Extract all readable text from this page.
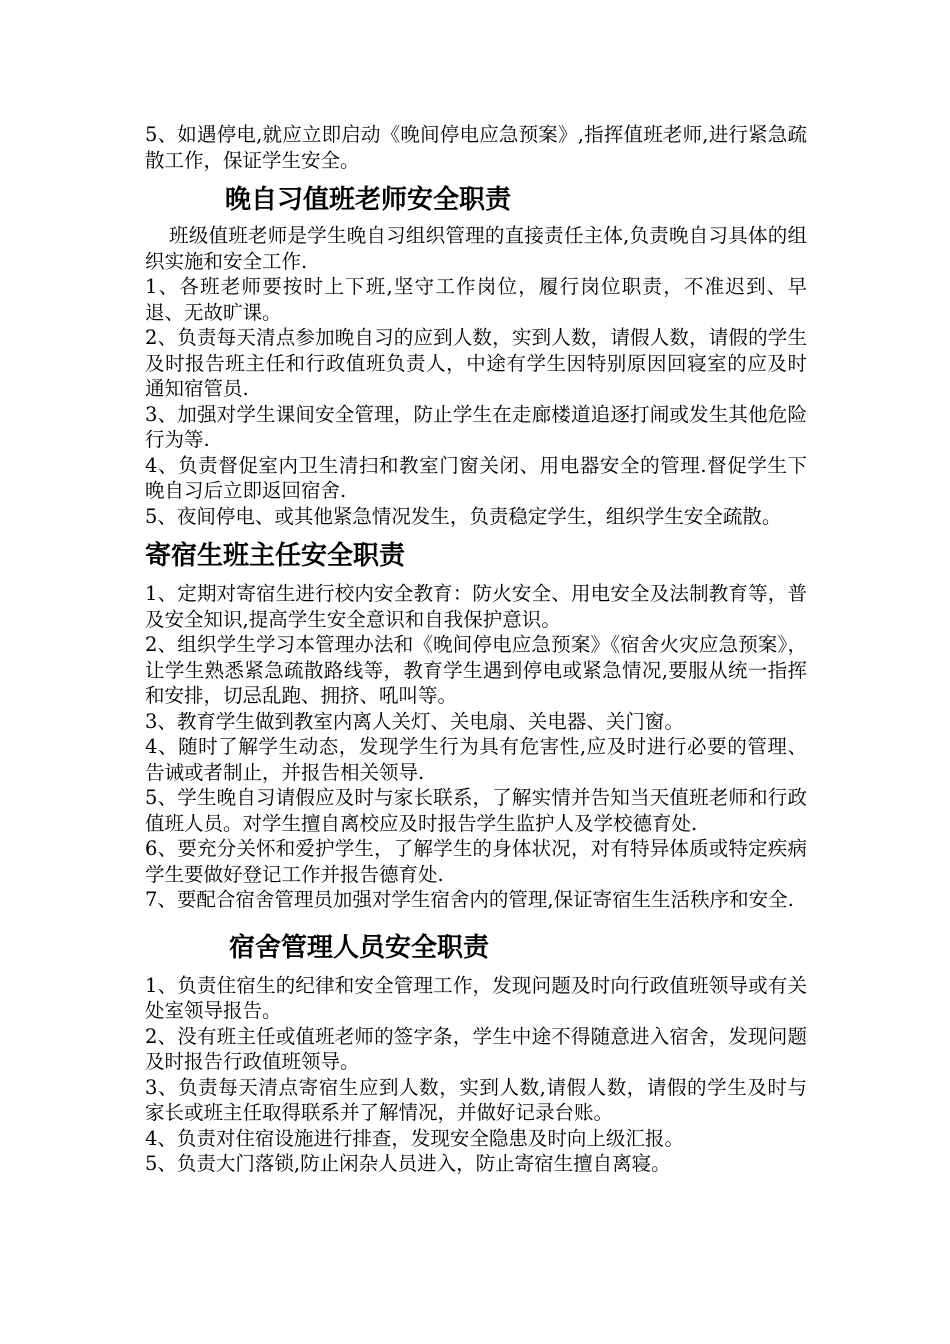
5、如遇停电,就应立即启动《晚间停电应急预案》,指挥值班老师,进行紧急疏散工作，保证学生安全。

晚自习值班老师安全职责

班级值班老师是学生晚自习组织管理的直接责任主体,负责晚自习具体的组织实施和安全工作.

1、各班老师要按时上下班,坚守工作岗位，履行岗位职责，不准迟到、早退、无故旷课。

2、负责每天清点参加晚自习的应到人数，实到人数，请假人数，请假的学生及时报告班主任和行政值班负责人，中途有学生因特别原因回寝室的应及时通知宿管员.

3、加强对学生课间安全管理，防止学生在走廊楼道追逐打闹或发生其他危险行为等.

4、负责督促室内卫生清扫和教室门窗关闭、用电器安全的管理.督促学生下晚自习后立即返回宿舍.

5、夜间停电、或其他紧急情况发生，负责稳定学生，组织学生安全疏散。

寄宿生班主任安全职责

1、定期对寄宿生进行校内安全教育：防火安全、用电安全及法制教育等，普及安全知识,提高学生安全意识和自我保护意识。

2、组织学生学习本管理办法和《晚间停电应急预案》《宿舍火灾应急预案》，让学生熟悉紧急疏散路线等，教育学生遇到停电或紧急情况,要服从统一指挥和安排，切忌乱跑、拥挤、吼叫等。

3、教育学生做到教室内离人关灯、关电扇、关电器、关门窗。

4、随时了解学生动态，发现学生行为具有危害性,应及时进行必要的管理、告诫或者制止，并报告相关领导.

5、学生晚自习请假应及时与家长联系，了解实情并告知当天值班老师和行政值班人员。对学生擅自离校应及时报告学生监护人及学校德育处.

6、要充分关怀和爱护学生，了解学生的身体状况，对有特异体质或特定疾病学生要做好登记工作并报告德育处.

7、要配合宿舍管理员加强对学生宿舍内的管理,保证寄宿生生活秩序和安全.

宿舍管理人员安全职责

1、负责住宿生的纪律和安全管理工作，发现问题及时向行政值班领导或有关处室领导报告。

2、没有班主任或值班老师的签字条，学生中途不得随意进入宿舍，发现问题及时报告行政值班领导。

3、负责每天清点寄宿生应到人数，实到人数,请假人数，请假的学生及时与家长或班主任取得联系并了解情况，并做好记录台账。

4、负责对住宿设施进行排查，发现安全隐患及时向上级汇报。

5、负责大门落锁,防止闲杂人员进入，防止寄宿生擅自离寝。
